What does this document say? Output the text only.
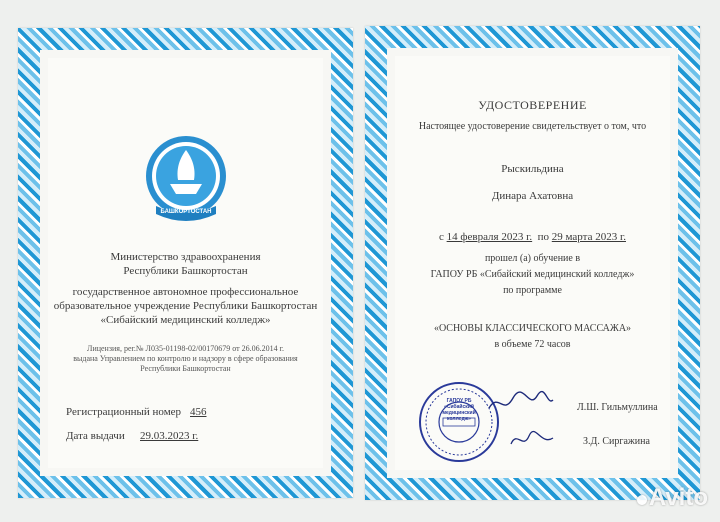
БАШКОРТОСТАН
Министерство здравоохранения
Республики Башкортостан
государственное автономное профессиональное
образовательное учреждение Республики Башкортостан
«Сибайский медицинский колледж»
Лицензия, рег.№ Л035-01198-02/00170679 от 26.06.2014 г.
выдана Управлением по контролю и надзору в сфере образования
Республики Башкортостан
Регистрационный номер 456
Дата выдачи 29.03.2023 г.
УДОСТОВЕРЕНИЕ
Настоящее удостоверение свидетельствует о том, что
Рыскильдина
Динара Ахатовна
с 14 февраля 2023 г. по 29 марта 2023 г.
прошел (а) обучение в
ГАПОУ РБ «Сибайский медицинский колледж»
по программе
«ОСНОВЫ КЛАССИЧЕСКОГО МАССАЖА»
в объеме 72 часов
ГАПОУ РБ «Сибайский медицинский колледж»
Л.Ш. Гильмуллина
З.Д. Сиргажина
Avito
